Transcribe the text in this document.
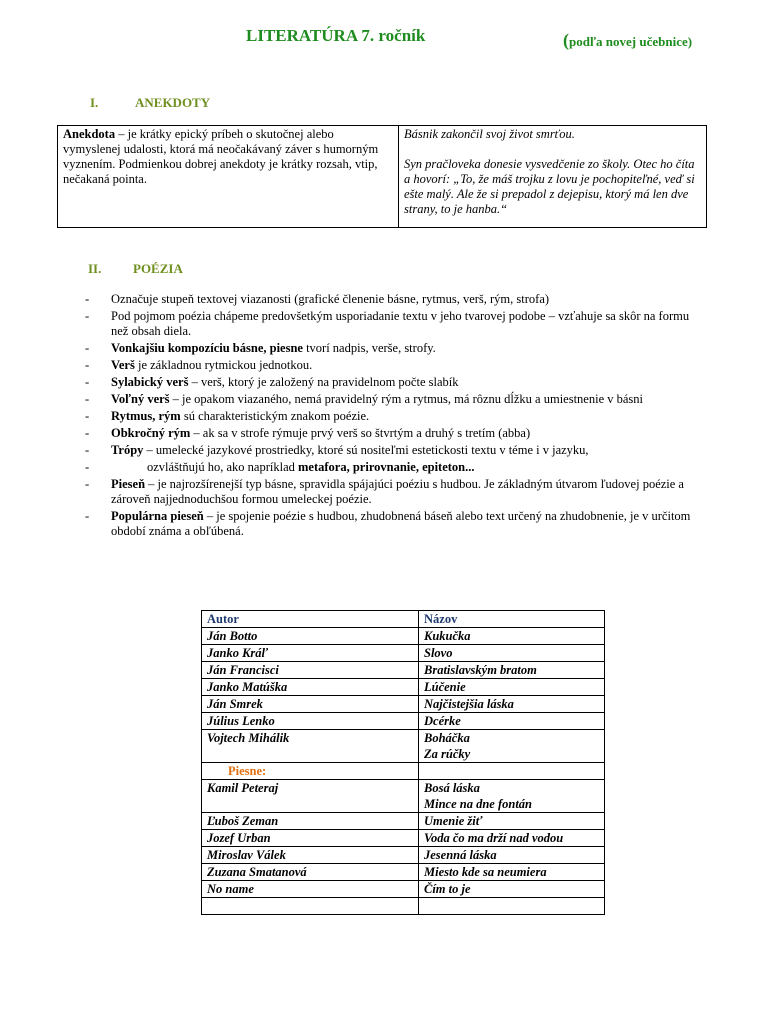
LITERATÚRA 7. ročník	(podľa novej učebnice)
I.	ANEKDOTY
Anekdota – je krátky epický príbeh o skutočnej alebo vymyslenej udalosti, ktorá má neočakávaný záver s humorným vyznením. Podmienkou dobrej anekdoty je krátky rozsah, vtip, nečakaná pointa.	

Básnik zakončil svoj život smrťou.

Syn pračloveka donesie vysvedčenie zo školy. Otec ho číta a hovorí: „To, že máš trojku z lovu je pochopiteľné, veď si ešte malý. Ale že si prepadol z dejepisu, ktorý má len dve strany, to je hanba.“

II. POÉZIA
- Označuje stupeň textovej viazanosti (grafické členenie básne, rytmus, verš, rým, strofa)
- Pod pojmom poézia chápeme predovšetkým usporiadanie textu v jeho tvarovej podobe – vzťahuje sa skôr na formu než obsah diela.
- Vonkajšiu kompozíciu básne, piesne tvorí nadpis, verše, strofy.
- Verš je základnou rytmickou jednotkou.
- Sylabický verš – verš, ktorý je založený na pravidelnom počte slabík
- Voľný verš – je opakom viazaného, nemá pravidelný rým a rytmus, má rôznu dĺžku a umiestnenie v básni
- Rytmus, rým sú charakteristickým znakom poézie.
- Obkročný rým – ak sa v strofe rýmuje prvý verš so štvrtým a druhý s tretím (abba)
- Trópy – umelecké jazykové prostriedky, ktoré sú nositeľmi estetickosti textu v téme i v jazyku,
- ozvláštňujú ho, ako napríklad metafora, prirovnanie, epiteton...
- Pieseň – je najrozšírenejší typ básne, spravidla spájajúci poéziu s hudbou. Je základným útvarom ľudovej poézie a zároveň najjednoduchšou formou umeleckej poézie.
- Populárna pieseň – je spojenie poézie s hudbou, zhudobnená báseň alebo text určený na zhudobnenie, je v určitom období známa a obľúbená.
Autor	Názov
Ján Botto	Kukučka
Janko Kráľ	Slovo
Ján Francisci	Bratislavským bratom
Janko Matúška	Lúčenie
Ján Smrek	Najčistejšia láska
Július Lenko	Dcérke
Vojtech Mihálik	Boháčka
Za rúčky

Piesne:	
Kamil Peteraj	Bosá láska
Mince na dne fontán

Ľuboš Zeman	Umenie žiť
Jozef Urban	Voda čo ma drží nad vodou
Miroslav Válek	Jesenná láska
Zuzana Smatanová	Miesto kde sa neumiera
No name	Čím to je
